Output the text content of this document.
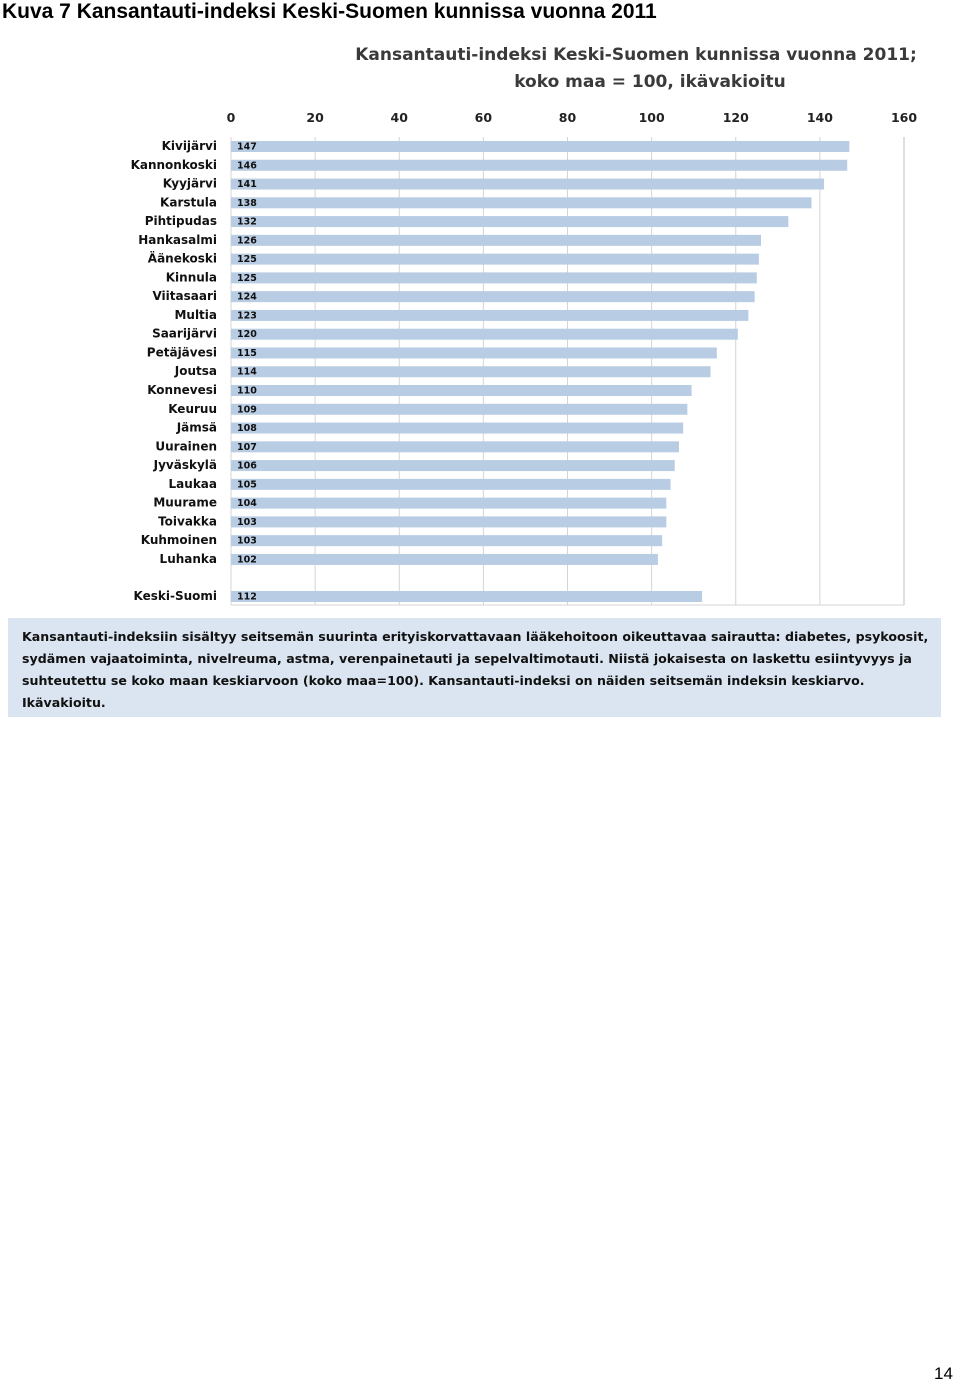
Kuva 7 Kansantauti-indeksi Keski-Suomen kunnissa vuonna 2011
Kansantauti-indeksi Keski-Suomen kunnissa vuonna 2011;
koko maa = 100, ikävakioitu
0	20	40	60	80	100	120	140	160
Kivijärvi 147
Kannonkoski 146
Kyyjärvi 141
Karstula 138
Pihtipudas 132
Hankasalmi 126
Äänekoski 125
Kinnula 125
Viitasaari 124
Multia 123
Saarijärvi 120
Petäjävesi 115
Joutsa 114
Konnevesi 110
Keuruu 109
Jämsä 108
Uurainen 107
Jyväskylä 106
Laukaa 105
Muurame 104
Toivakka 103
Kuhmoinen 103
Luhanka 102
Keski-Suomi 112

Kansantauti-indeksiin sisältyy seitsemän suurinta erityiskorvattavaan lääkehoitoon oikeuttavaa sairautta: diabetes, psykoosit, sydämen vajaatoiminta, nivelreuma, astma, verenpainetauti ja sepelvaltimotauti. Niistä jokaisesta on laskettu esiintyvyys ja suhteutettu se koko maan keskiarvoon (koko maa=100). Kansantauti-indeksi on näiden seitsemän indeksin keskiarvo. Ikävakioitu.

14
